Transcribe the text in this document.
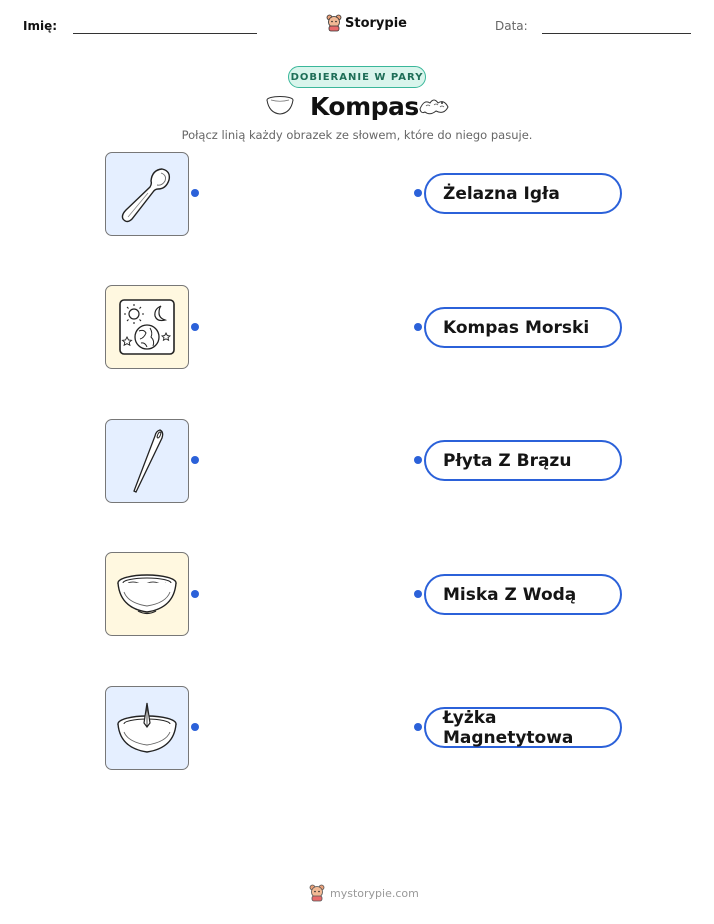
Imię:	Storypie	Data:
DOBIERANIE W PARY
Kompas
Połącz linią każdy obrazek ze słowem, które do niego pasuje.
Żelazna Igła
Kompas Morski
Płyta Z Brązu
Miska Z Wodą
Łyżka Magnetytowa
mystorypie.com
